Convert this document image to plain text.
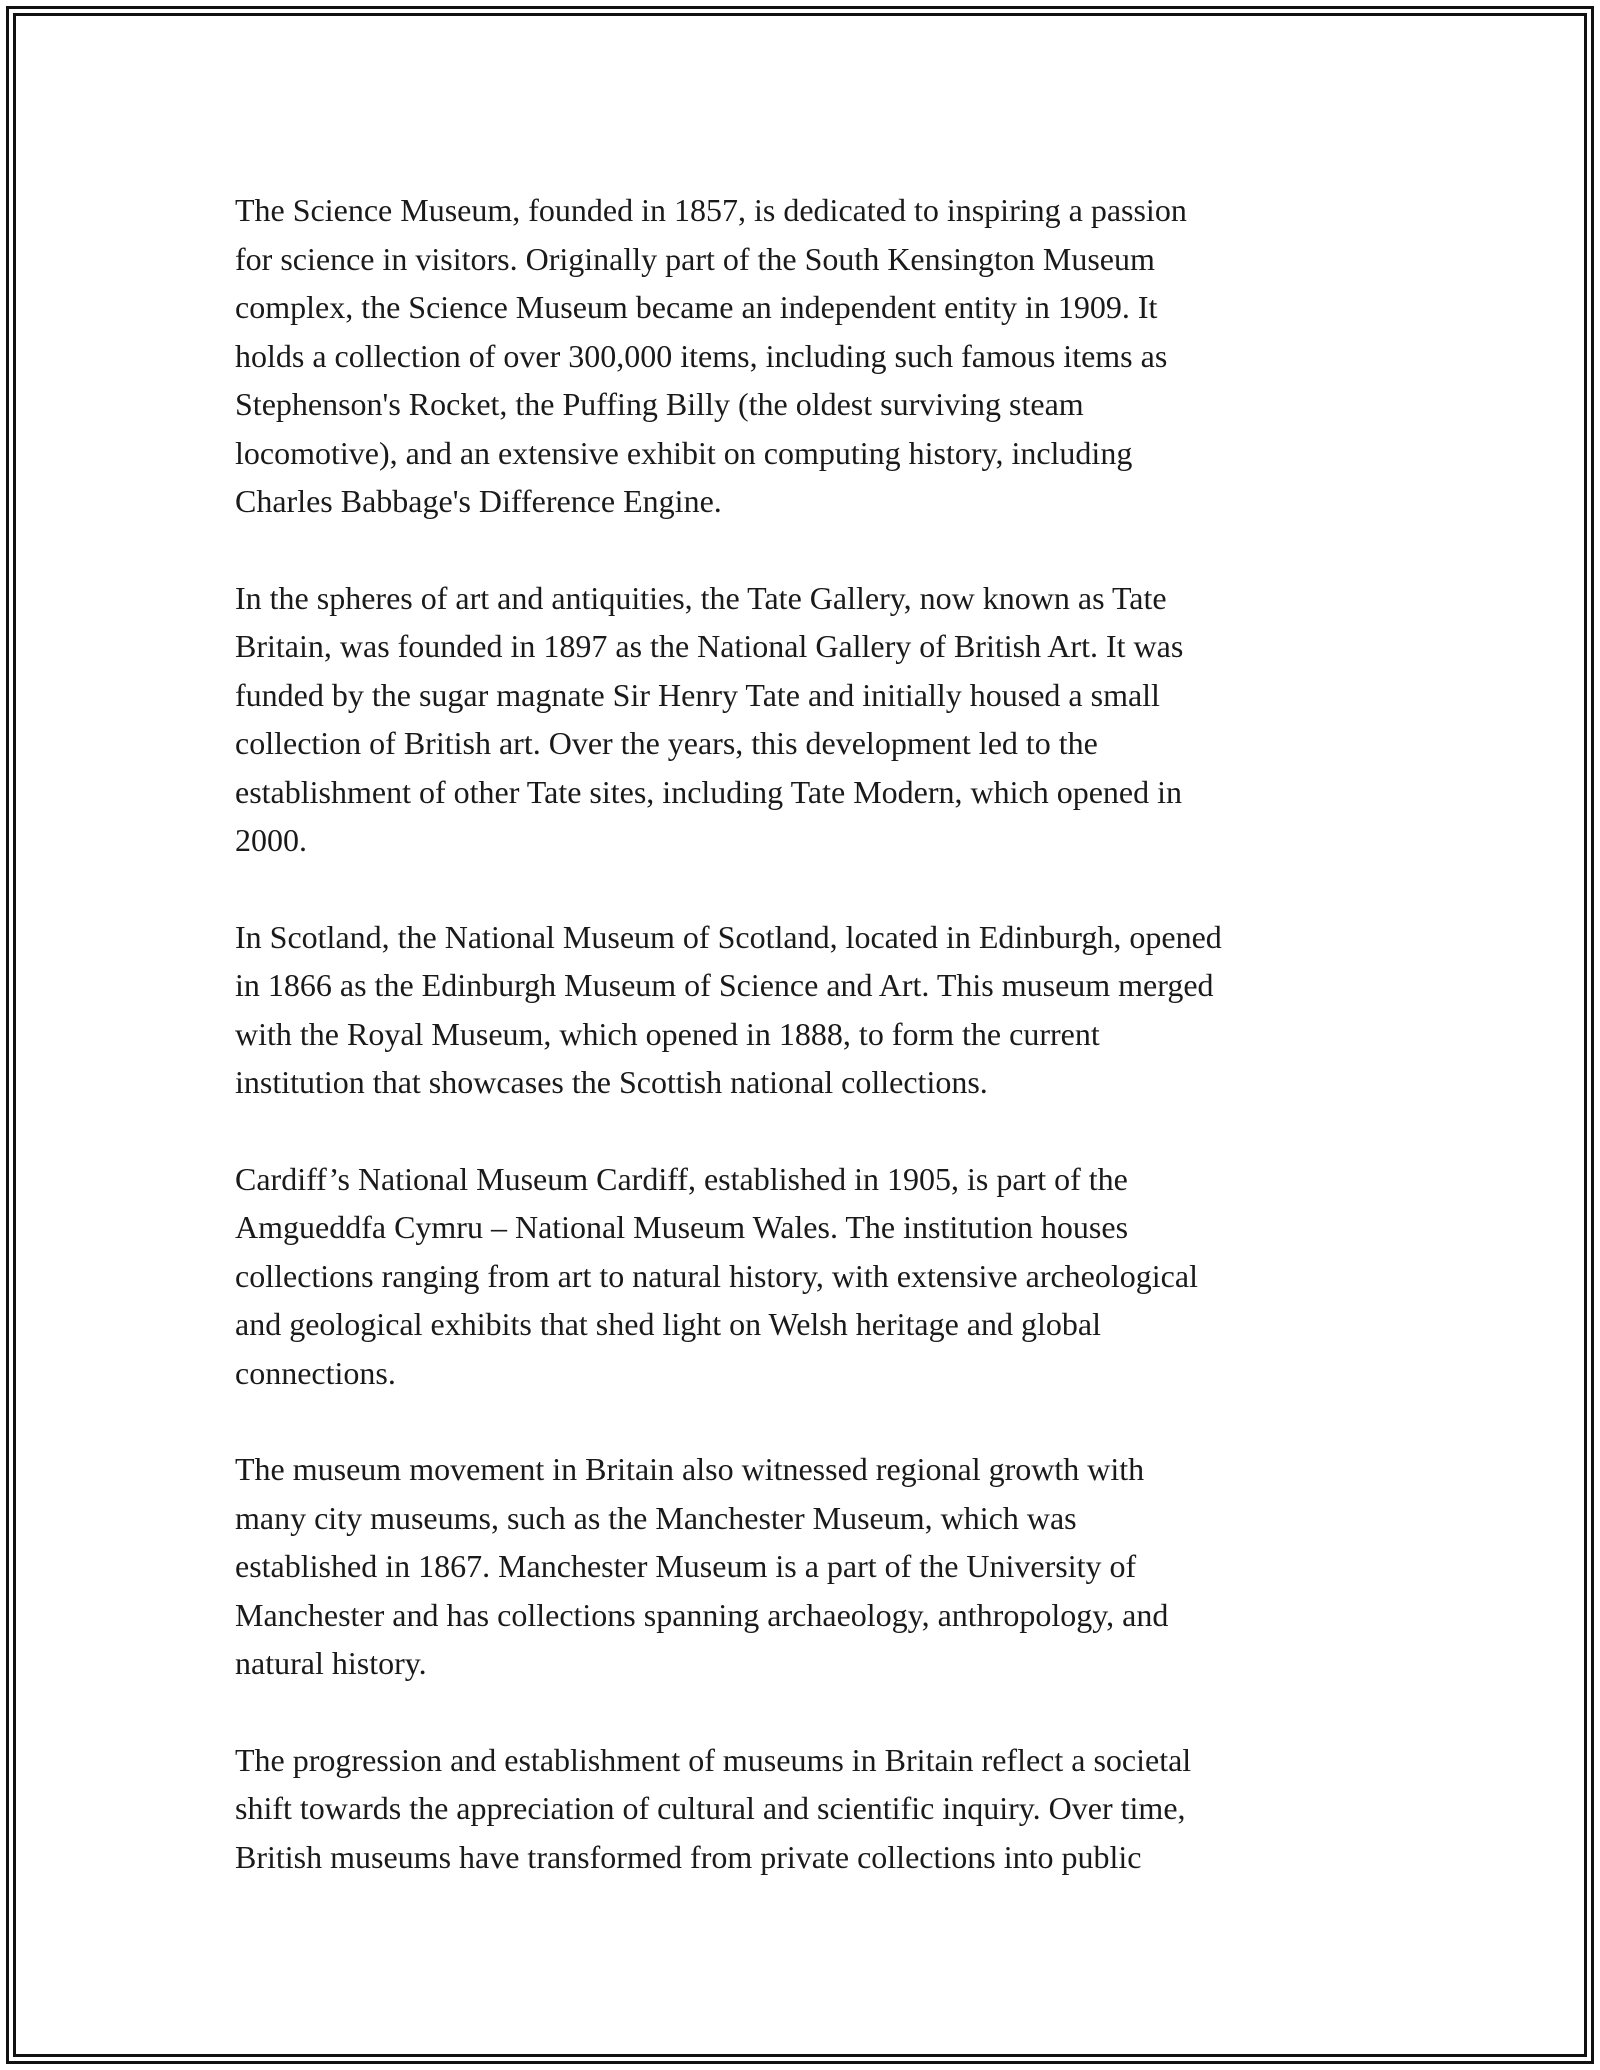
The Science Museum, founded in 1857, is dedicated to inspiring a passion
for science in visitors. Originally part of the South Kensington Museum
complex, the Science Museum became an independent entity in 1909. It
holds a collection of over 300,000 items, including such famous items as
Stephenson's Rocket, the Puffing Billy (the oldest surviving steam
locomotive), and an extensive exhibit on computing history, including
Charles Babbage's Difference Engine.

In the spheres of art and antiquities, the Tate Gallery, now known as Tate
Britain, was founded in 1897 as the National Gallery of British Art. It was
funded by the sugar magnate Sir Henry Tate and initially housed a small
collection of British art. Over the years, this development led to the
establishment of other Tate sites, including Tate Modern, which opened in
2000.

In Scotland, the National Museum of Scotland, located in Edinburgh, opened
in 1866 as the Edinburgh Museum of Science and Art. This museum merged
with the Royal Museum, which opened in 1888, to form the current
institution that showcases the Scottish national collections.

Cardiff’s National Museum Cardiff, established in 1905, is part of the
Amgueddfa Cymru – National Museum Wales. The institution houses
collections ranging from art to natural history, with extensive archeological
and geological exhibits that shed light on Welsh heritage and global
connections.

The museum movement in Britain also witnessed regional growth with
many city museums, such as the Manchester Museum, which was
established in 1867. Manchester Museum is a part of the University of
Manchester and has collections spanning archaeology, anthropology, and
natural history.

The progression and establishment of museums in Britain reflect a societal
shift towards the appreciation of cultural and scientific inquiry. Over time,
British museums have transformed from private collections into public
